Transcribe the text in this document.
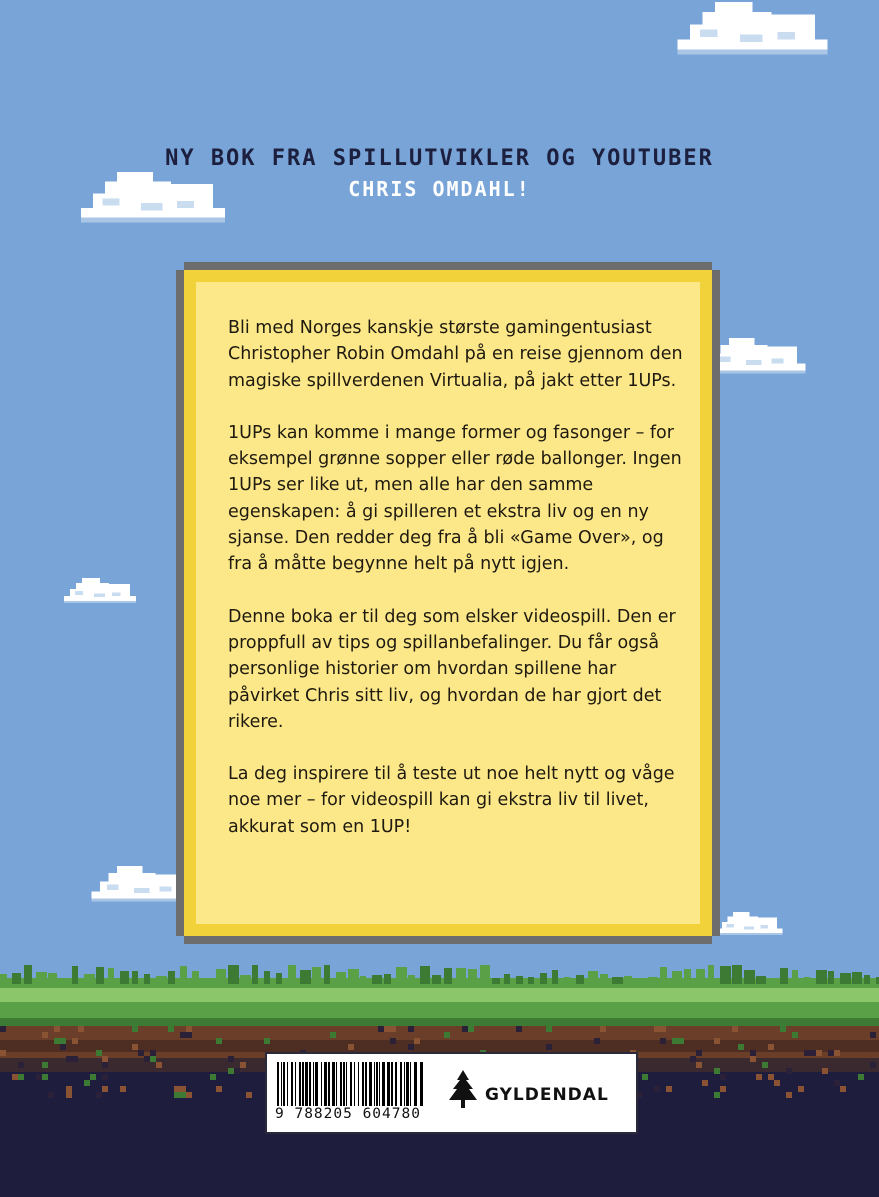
NY BOK FRA SPILLUTVIKLER OG YOUTUBER
CHRIS OMDAHL!

Bli med Norges kanskje største gamingentusiast Christopher Robin Omdahl på en reise gjennom den magiske spillverdenen Virtualia, på jakt etter 1UPs.

1UPs kan komme i mange former og fasonger – for eksempel grønne sopper eller røde ballonger. Ingen 1UPs ser like ut, men alle har den samme egenskapen: å gi spilleren et ekstra liv og en ny sjanse. Den redder deg fra å bli «Game Over», og fra å måtte begynne helt på nytt igjen.

Denne boka er til deg som elsker videospill. Den er proppfull av tips og spillanbefalinger. Du får også personlige historier om hvordan spillene har påvirket Chris sitt liv, og hvordan de har gjort det rikere.

La deg inspirere til å teste ut noe helt nytt og våge noe mer – for videospill kan gi ekstra liv til livet, akkurat som en 1UP!

9 788205 604780
GYLDENDAL
